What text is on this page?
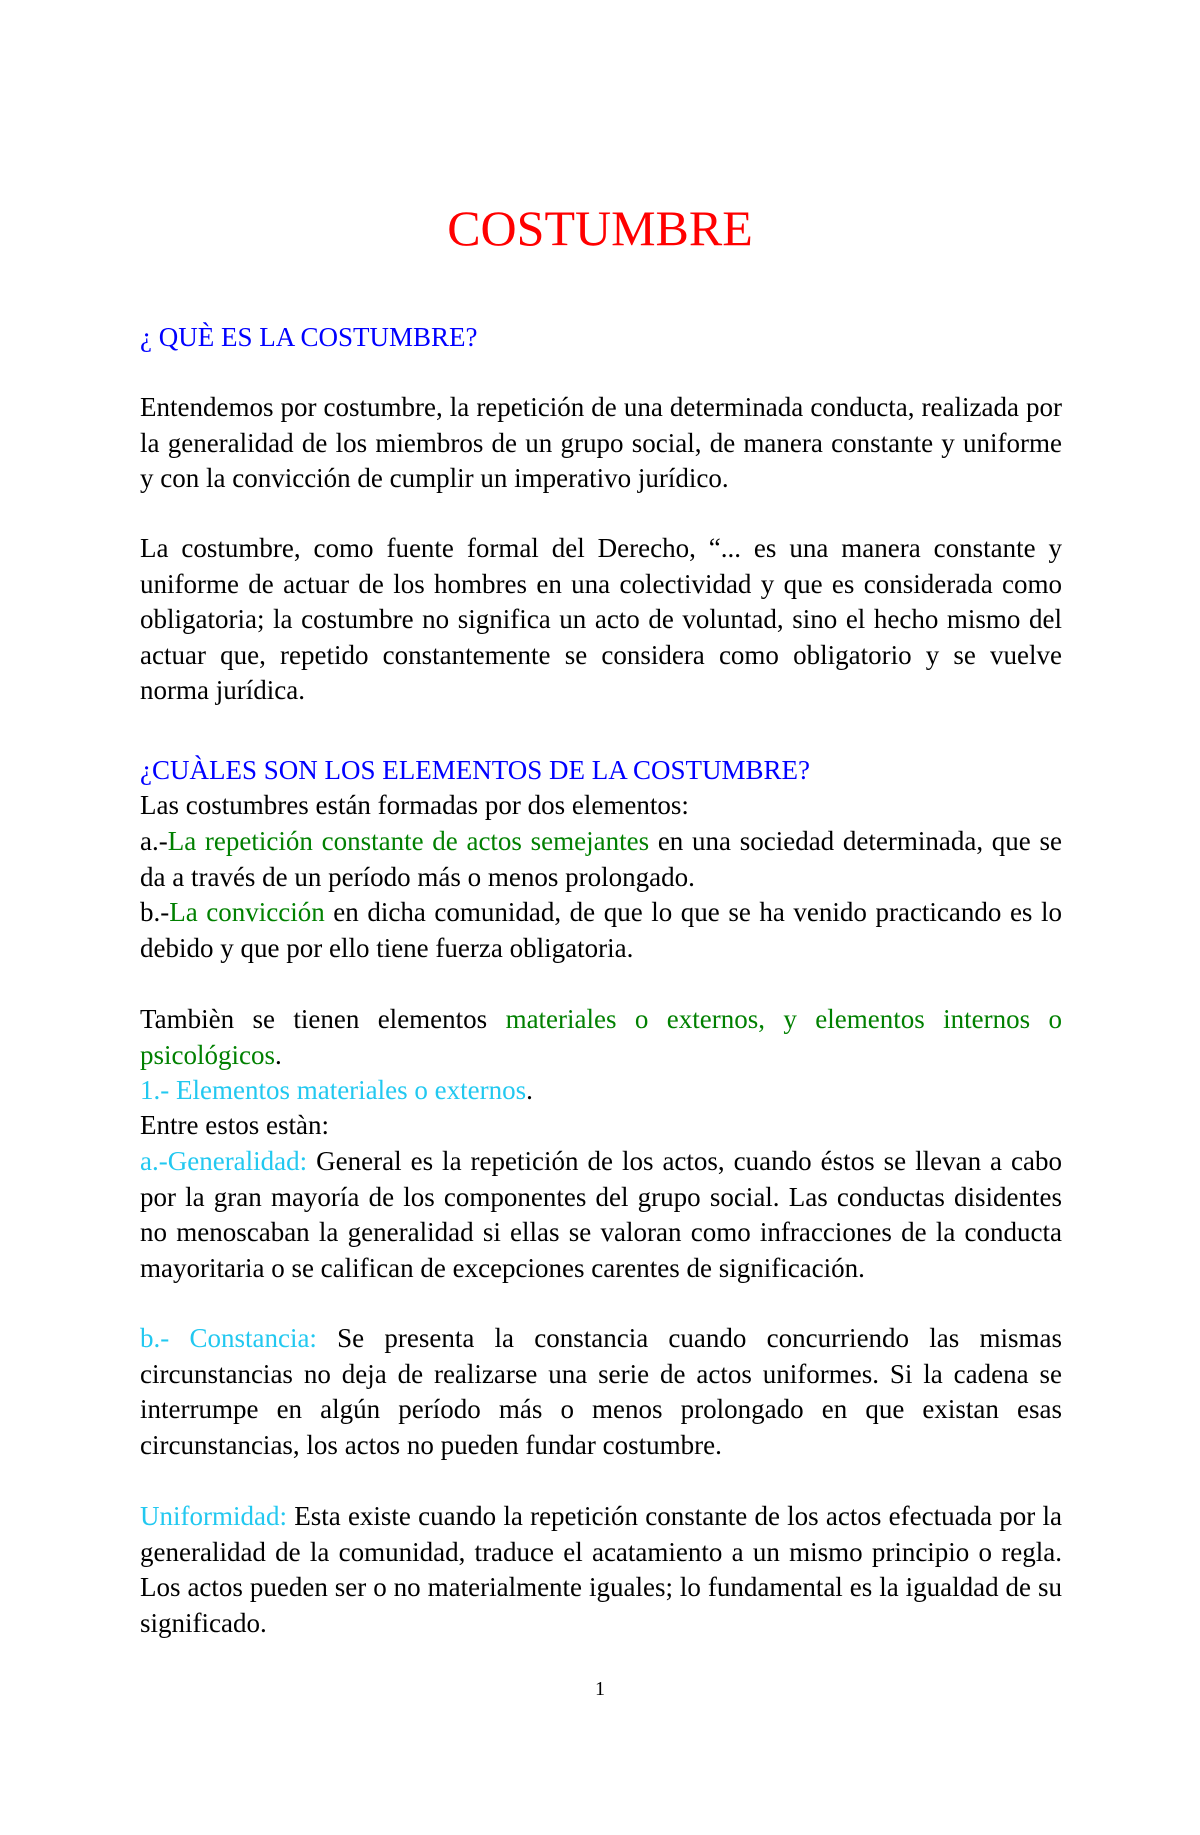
COSTUMBRE

¿ QUÈ ES LA COSTUMBRE?

Entendemos por costumbre, la repetición de una determinada conducta, realizada por la generalidad de los miembros de un grupo social, de manera constante y uniforme y con la convicción de cumplir un imperativo jurídico.

La costumbre, como fuente formal del Derecho, “... es una manera constante y uniforme de actuar de los hombres en una colectividad y que es considerada como obligatoria; la costumbre no significa un acto de voluntad, sino el hecho mismo del actuar que, repetido constantemente se considera como obligatorio y se vuelve norma jurídica.

¿CUÀLES SON LOS ELEMENTOS DE LA COSTUMBRE?

Las costumbres están formadas por dos elementos:

a.-La repetición constante de actos semejantes en una sociedad determinada, que se da a través de un período más o menos prolongado.

b.-La convicción en dicha comunidad, de que lo que se ha venido practicando es lo debido y que por ello tiene fuerza obligatoria.

Tambièn se tienen elementos materiales o externos, y elementos internos o psicológicos.

1.- Elementos materiales o externos.

Entre estos estàn:

a.-Generalidad: General es la repetición de los actos, cuando éstos se llevan a cabo por la gran mayoría de los componentes del grupo social. Las conductas disidentes no menoscaban la generalidad si ellas se valoran como infracciones de la conducta mayoritaria o se califican de excepciones carentes de significación.

b.- Constancia: Se presenta la constancia cuando concurriendo las mismas circunstancias no deja de realizarse una serie de actos uniformes. Si la cadena se interrumpe en algún período más o menos prolongado en que existan esas circunstancias, los actos no pueden fundar costumbre.

Uniformidad: Esta existe cuando la repetición constante de los actos efectuada por la generalidad de la comunidad, traduce el acatamiento a un mismo principio o regla. Los actos pueden ser o no materialmente iguales; lo fundamental es la igualdad de su significado.

1
